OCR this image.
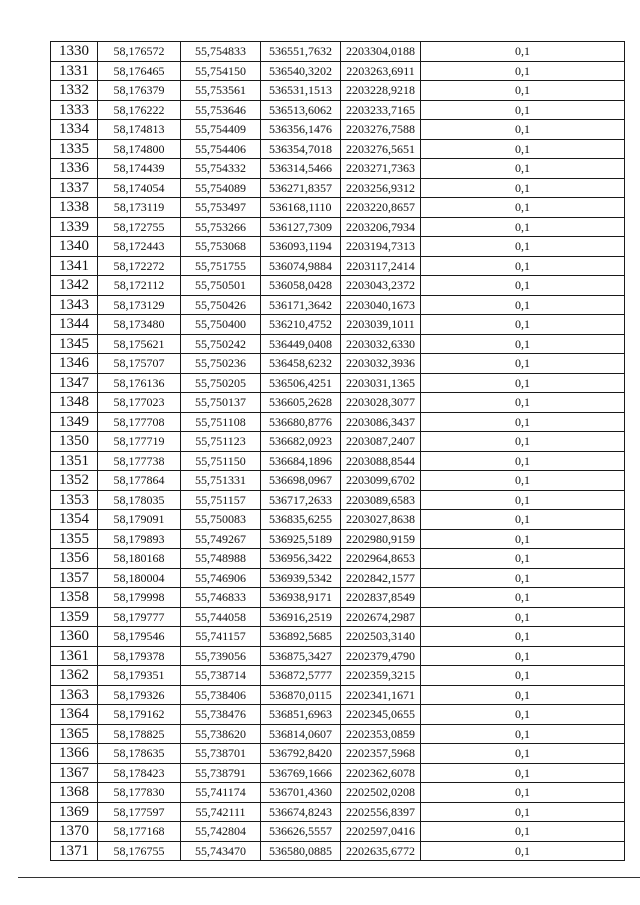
1330	58,176572	55,754833	536551,7632	2203304,0188	0,1
1331	58,176465	55,754150	536540,3202	2203263,6911	0,1
1332	58,176379	55,753561	536531,1513	2203228,9218	0,1
1333	58,176222	55,753646	536513,6062	2203233,7165	0,1
1334	58,174813	55,754409	536356,1476	2203276,7588	0,1
1335	58,174800	55,754406	536354,7018	2203276,5651	0,1
1336	58,174439	55,754332	536314,5466	2203271,7363	0,1
1337	58,174054	55,754089	536271,8357	2203256,9312	0,1
1338	58,173119	55,753497	536168,1110	2203220,8657	0,1
1339	58,172755	55,753266	536127,7309	2203206,7934	0,1
1340	58,172443	55,753068	536093,1194	2203194,7313	0,1
1341	58,172272	55,751755	536074,9884	2203117,2414	0,1
1342	58,172112	55,750501	536058,0428	2203043,2372	0,1
1343	58,173129	55,750426	536171,3642	2203040,1673	0,1
1344	58,173480	55,750400	536210,4752	2203039,1011	0,1
1345	58,175621	55,750242	536449,0408	2203032,6330	0,1
1346	58,175707	55,750236	536458,6232	2203032,3936	0,1
1347	58,176136	55,750205	536506,4251	2203031,1365	0,1
1348	58,177023	55,750137	536605,2628	2203028,3077	0,1
1349	58,177708	55,751108	536680,8776	2203086,3437	0,1
1350	58,177719	55,751123	536682,0923	2203087,2407	0,1
1351	58,177738	55,751150	536684,1896	2203088,8544	0,1
1352	58,177864	55,751331	536698,0967	2203099,6702	0,1
1353	58,178035	55,751157	536717,2633	2203089,6583	0,1
1354	58,179091	55,750083	536835,6255	2203027,8638	0,1
1355	58,179893	55,749267	536925,5189	2202980,9159	0,1
1356	58,180168	55,748988	536956,3422	2202964,8653	0,1
1357	58,180004	55,746906	536939,5342	2202842,1577	0,1
1358	58,179998	55,746833	536938,9171	2202837,8549	0,1
1359	58,179777	55,744058	536916,2519	2202674,2987	0,1
1360	58,179546	55,741157	536892,5685	2202503,3140	0,1
1361	58,179378	55,739056	536875,3427	2202379,4790	0,1
1362	58,179351	55,738714	536872,5777	2202359,3215	0,1
1363	58,179326	55,738406	536870,0115	2202341,1671	0,1
1364	58,179162	55,738476	536851,6963	2202345,0655	0,1
1365	58,178825	55,738620	536814,0607	2202353,0859	0,1
1366	58,178635	55,738701	536792,8420	2202357,5968	0,1
1367	58,178423	55,738791	536769,1666	2202362,6078	0,1
1368	58,177830	55,741174	536701,4360	2202502,0208	0,1
1369	58,177597	55,742111	536674,8243	2202556,8397	0,1
1370	58,177168	55,742804	536626,5557	2202597,0416	0,1
1371	58,176755	55,743470	536580,0885	2202635,6772	0,1
